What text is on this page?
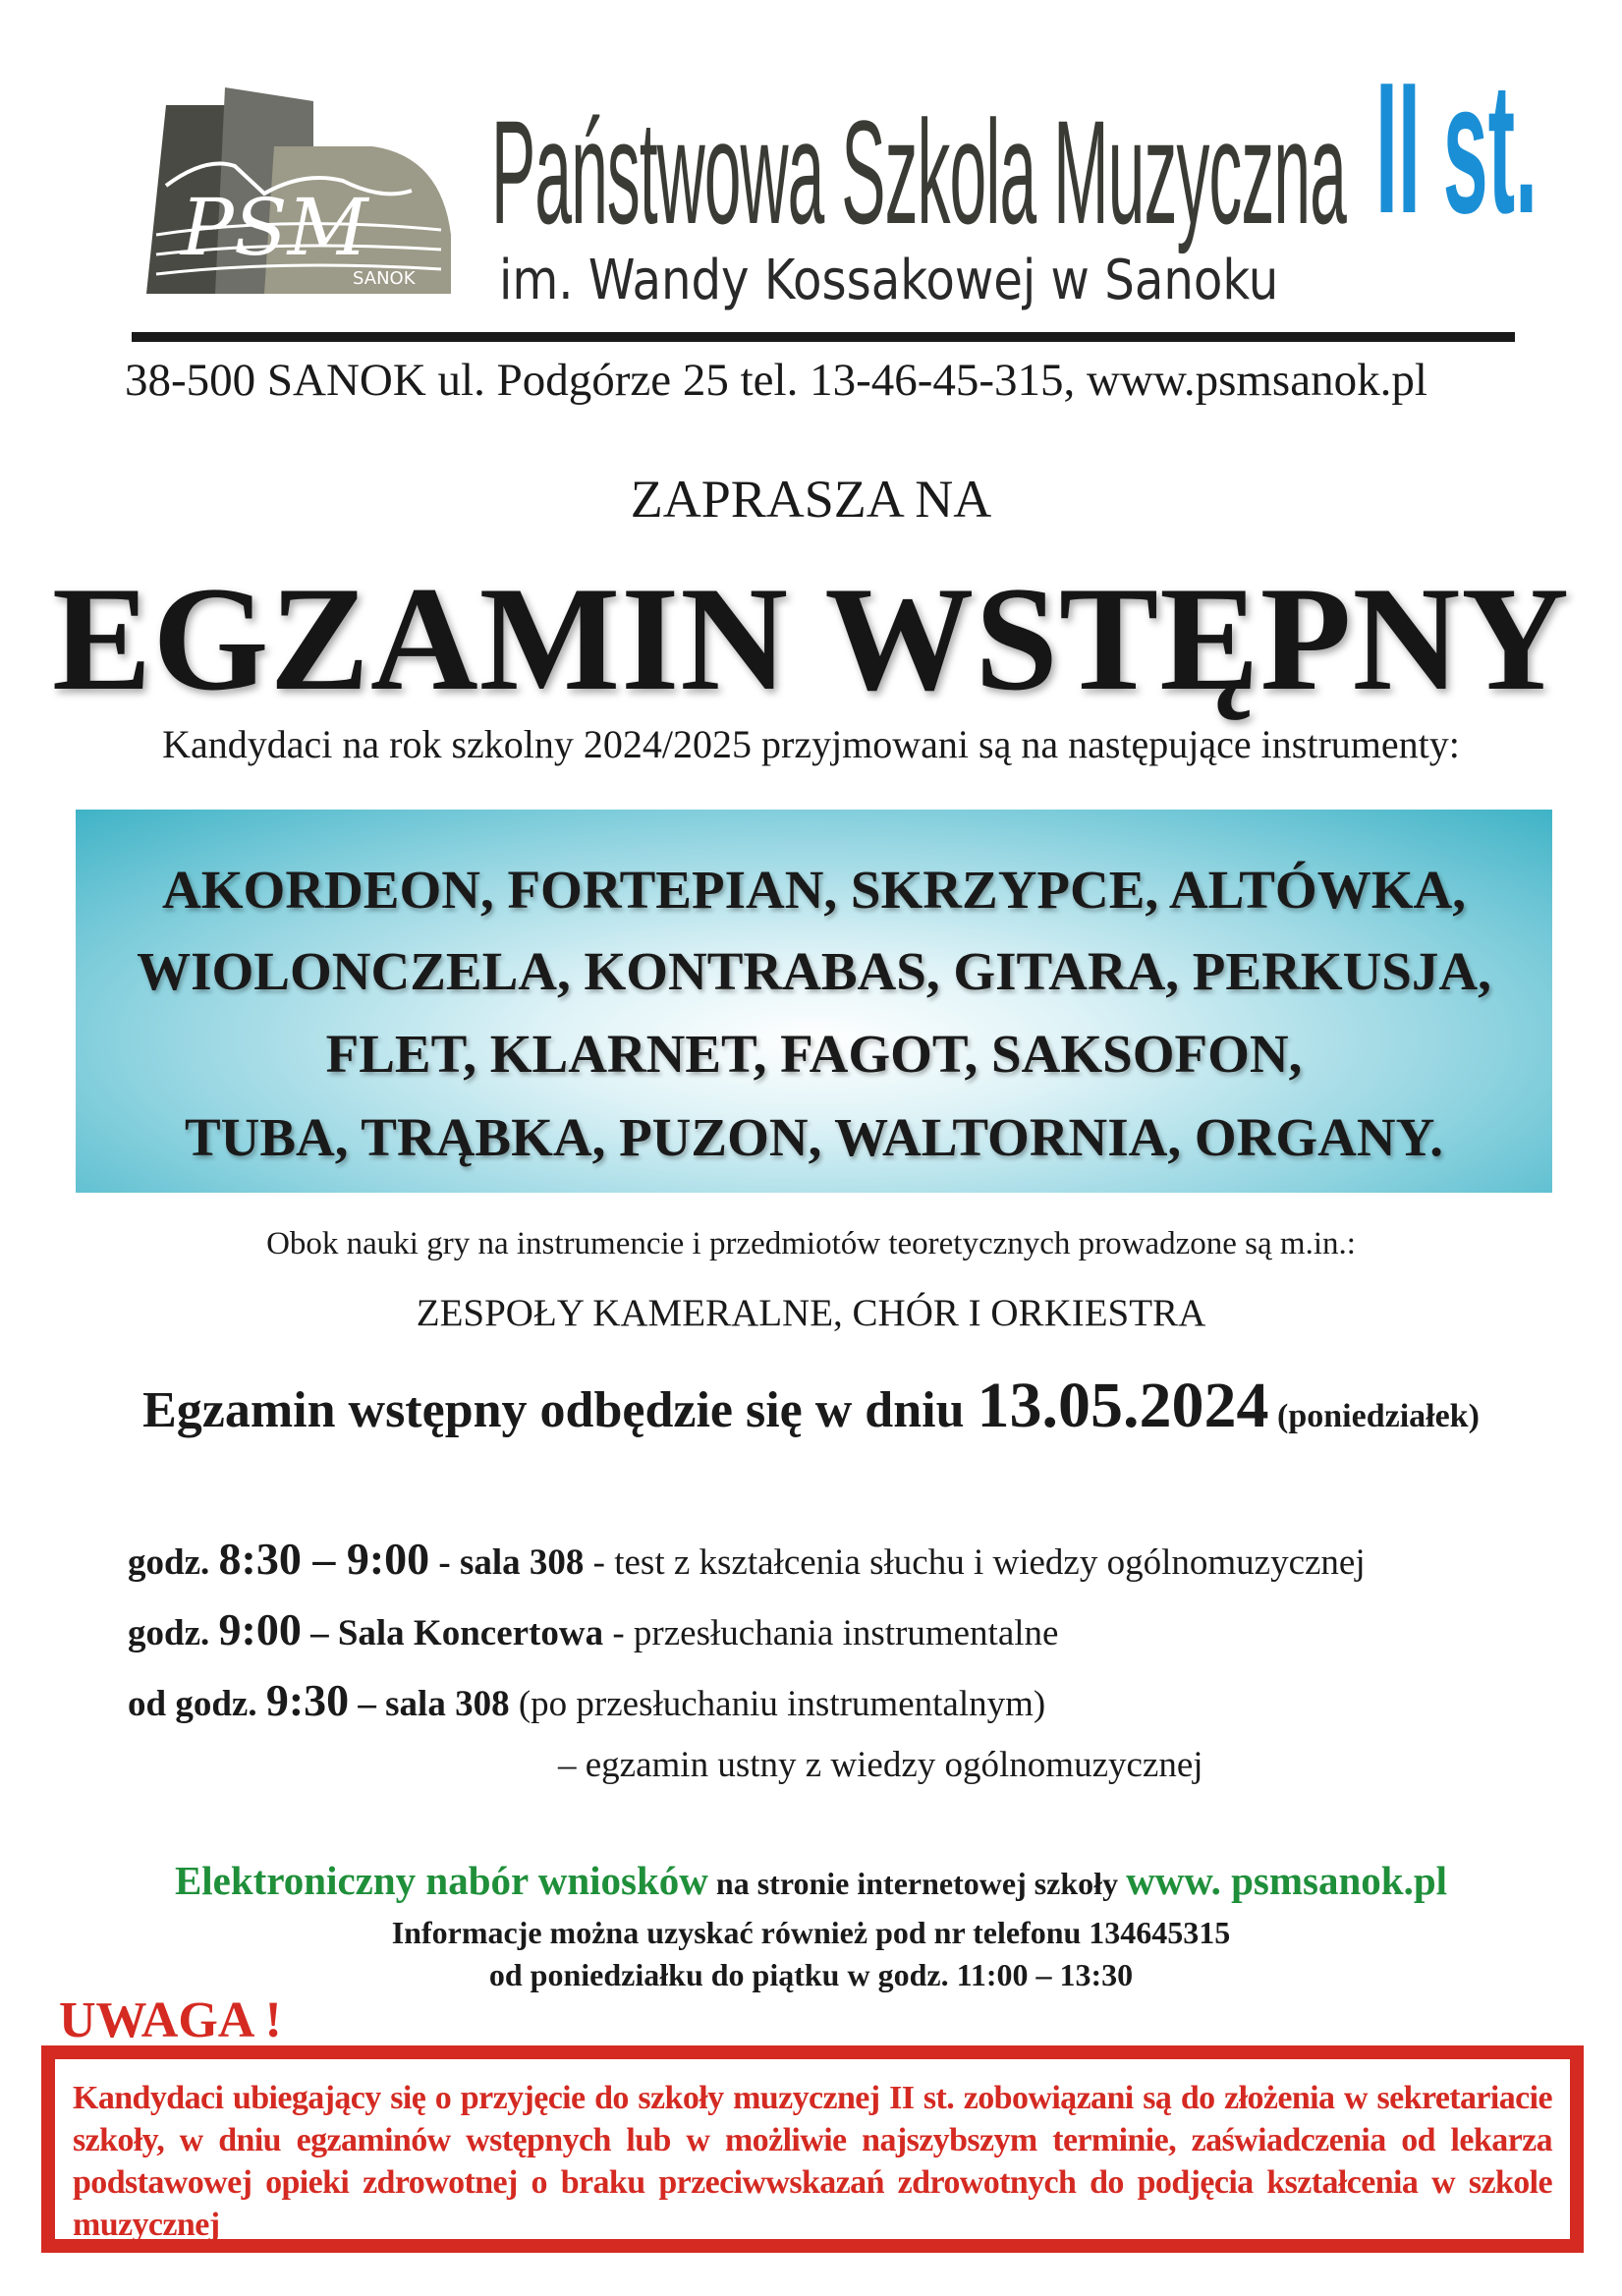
PSM
SANOK
Państwowa Szkola Muzyczna II st.
im. Wandy Kossakowej w Sanoku
38-500 SANOK ul. Podgórze 25 tel. 13-46-45-315, www.psmsanok.pl
ZAPRASZA NA
EGZAMIN WSTĘPNY
Kandydaci na rok szkolny 2024/2025 przyjmowani są na następujące instrumenty:
AKORDEON, FORTEPIAN, SKRZYPCE, ALTÓWKA,
WIOLONCZELA, KONTRABAS, GITARA, PERKUSJA,
FLET, KLARNET, FAGOT, SAKSOFON,
TUBA, TRĄBKA, PUZON, WALTORNIA, ORGANY.
Obok nauki gry na instrumencie i przedmiotów teoretycznych prowadzone są m.in.:
ZESPOŁY KAMERALNE, CHÓR I ORKIESTRA
Egzamin wstępny odbędzie się w dniu 13.05.2024 (poniedziałek)
godz. 8:30 – 9:00 - sala 308 - test z kształcenia słuchu i wiedzy ogólnomuzycznej
godz. 9:00 – Sala Koncertowa - przesłuchania instrumentalne
od godz. 9:30 – sala 308 (po przesłuchaniu instrumentalnym)
– egzamin ustny z wiedzy ogólnomuzycznej
Elektroniczny nabór wniosków na stronie internetowej szkoły www. psmsanok.pl
Informacje można uzyskać również pod nr telefonu 134645315
od poniedziałku do piątku w godz. 11:00 – 13:30
UWAGA !
Kandydaci ubiegający się o przyjęcie do szkoły muzycznej II st. zobowiązani są do złożenia w sekretariacie szkoły, w dniu egzaminów wstępnych lub w możliwie najszybszym terminie, zaświadczenia od lekarza podstawowej opieki zdrowotnej o braku przeciwwskazań zdrowotnych do podjęcia kształcenia w szkole muzycznej
